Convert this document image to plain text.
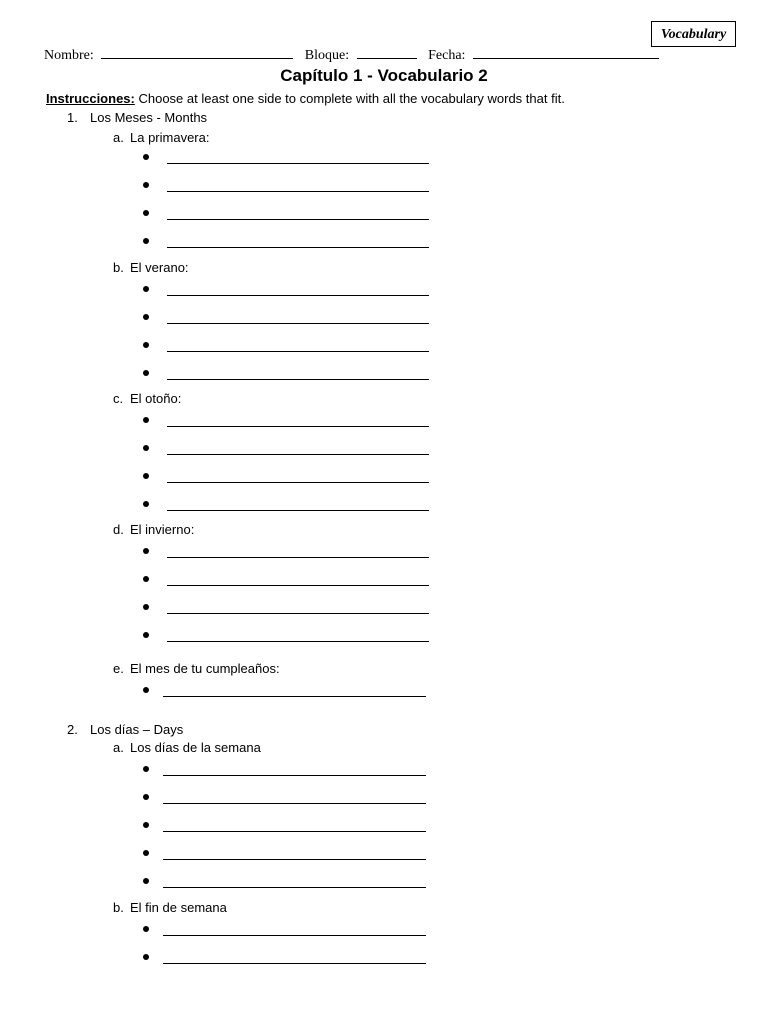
Vocabulary
Nombre:	Bloque:	Fecha:
Capítulo 1 - Vocabulario 2
Instrucciones: Choose at least one side to complete with all the vocabulary words that fit.
1. Los Meses - Months
a. La primavera:
b. El verano:
c. El otoño:
d. El invierno:
e. El mes de tu cumpleaños:
2. Los días – Days
a. Los días de la semana
b. El fin de semana
